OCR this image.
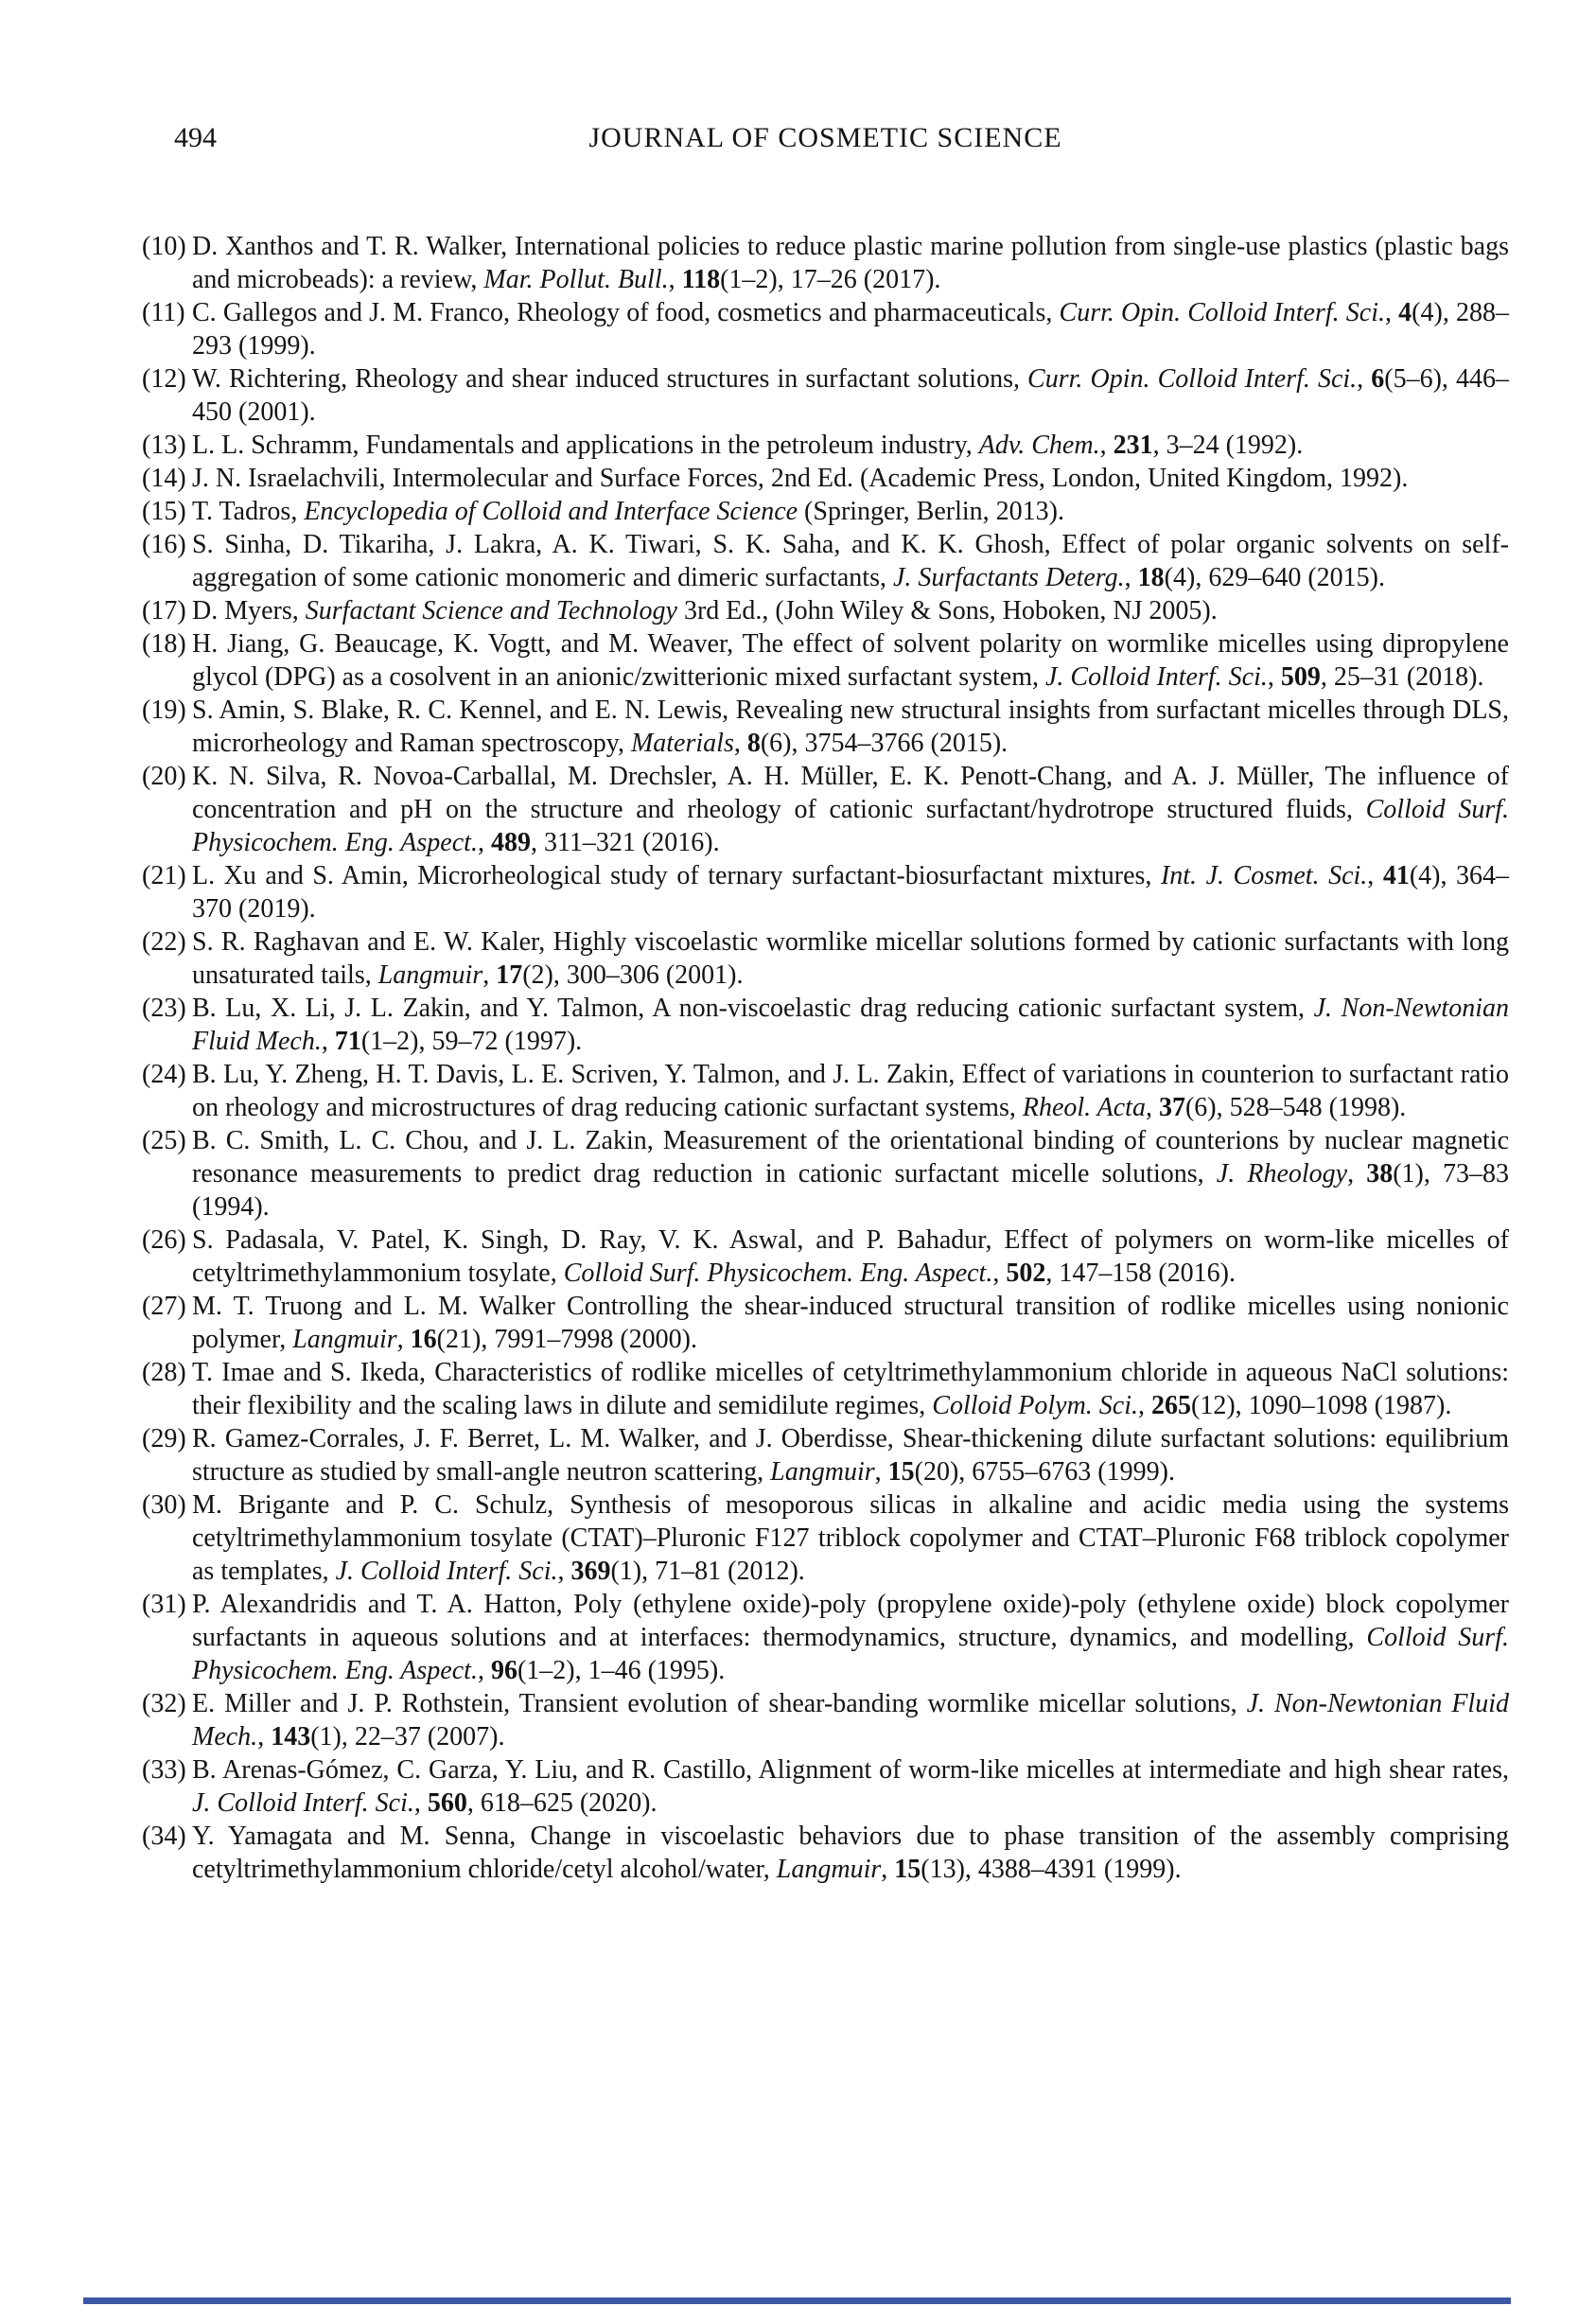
494	JOURNAL OF COSMETIC SCIENCE
(10) D. Xanthos and T. R. Walker, International policies to reduce plastic marine pollution from single-use plastics (plastic bags and microbeads): a review, Mar. Pollut. Bull., 118(1–2), 17–26 (2017).
(11) C. Gallegos and J. M. Franco, Rheology of food, cosmetics and pharmaceuticals, Curr. Opin. Colloid Interf. Sci., 4(4), 288–293 (1999).
(12) W. Richtering, Rheology and shear induced structures in surfactant solutions, Curr. Opin. Colloid Interf. Sci., 6(5–6), 446–450 (2001).
(13) L. L. Schramm, Fundamentals and applications in the petroleum industry, Adv. Chem., 231, 3–24 (1992).
(14) J. N. Israelachvili, Intermolecular and Surface Forces, 2nd Ed. (Academic Press, London, United Kingdom, 1992).
(15) T. Tadros, Encyclopedia of Colloid and Interface Science (Springer, Berlin, 2013).
(16) S. Sinha, D. Tikariha, J. Lakra, A. K. Tiwari, S. K. Saha, and K. K. Ghosh, Effect of polar organic solvents on self-aggregation of some cationic monomeric and dimeric surfactants, J. Surfactants Deterg., 18(4), 629–640 (2015).
(17) D. Myers, Surfactant Science and Technology 3rd Ed., (John Wiley & Sons, Hoboken, NJ 2005).
(18) H. Jiang, G. Beaucage, K. Vogtt, and M. Weaver, The effect of solvent polarity on wormlike micelles using dipropylene glycol (DPG) as a cosolvent in an anionic/zwitterionic mixed surfactant system, J. Colloid Interf. Sci., 509, 25–31 (2018).
(19) S. Amin, S. Blake, R. C. Kennel, and E. N. Lewis, Revealing new structural insights from surfactant micelles through DLS, microrheology and Raman spectroscopy, Materials, 8(6), 3754–3766 (2015).
(20) K. N. Silva, R. Novoa-Carballal, M. Drechsler, A. H. Müller, E. K. Penott-Chang, and A. J. Müller, The influence of concentration and pH on the structure and rheology of cationic surfactant/hydrotrope structured fluids, Colloid Surf. Physicochem. Eng. Aspect., 489, 311–321 (2016).
(21) L. Xu and S. Amin, Microrheological study of ternary surfactant-biosurfactant mixtures, Int. J. Cosmet. Sci., 41(4), 364–370 (2019).
(22) S. R. Raghavan and E. W. Kaler, Highly viscoelastic wormlike micellar solutions formed by cationic surfactants with long unsaturated tails, Langmuir, 17(2), 300–306 (2001).
(23) B. Lu, X. Li, J. L. Zakin, and Y. Talmon, A non-viscoelastic drag reducing cationic surfactant system, J. Non-Newtonian Fluid Mech., 71(1–2), 59–72 (1997).
(24) B. Lu, Y. Zheng, H. T. Davis, L. E. Scriven, Y. Talmon, and J. L. Zakin, Effect of variations in counterion to surfactant ratio on rheology and microstructures of drag reducing cationic surfactant systems, Rheol. Acta, 37(6), 528–548 (1998).
(25) B. C. Smith, L. C. Chou, and J. L. Zakin, Measurement of the orientational binding of counterions by nuclear magnetic resonance measurements to predict drag reduction in cationic surfactant micelle solutions, J. Rheology, 38(1), 73–83 (1994).
(26) S. Padasala, V. Patel, K. Singh, D. Ray, V. K. Aswal, and P. Bahadur, Effect of polymers on worm-like micelles of cetyltrimethylammonium tosylate, Colloid Surf. Physicochem. Eng. Aspect., 502, 147–158 (2016).
(27) M. T. Truong and L. M. Walker Controlling the shear-induced structural transition of rodlike micelles using nonionic polymer, Langmuir, 16(21), 7991–7998 (2000).
(28) T. Imae and S. Ikeda, Characteristics of rodlike micelles of cetyltrimethylammonium chloride in aqueous NaCl solutions: their flexibility and the scaling laws in dilute and semidilute regimes, Colloid Polym. Sci., 265(12), 1090–1098 (1987).
(29) R. Gamez-Corrales, J. F. Berret, L. M. Walker, and J. Oberdisse, Shear-thickening dilute surfactant solutions: equilibrium structure as studied by small-angle neutron scattering, Langmuir, 15(20), 6755–6763 (1999).
(30) M. Brigante and P. C. Schulz, Synthesis of mesoporous silicas in alkaline and acidic media using the systems cetyltrimethylammonium tosylate (CTAT)–Pluronic F127 triblock copolymer and CTAT–Pluronic F68 triblock copolymer as templates, J. Colloid Interf. Sci., 369(1), 71–81 (2012).
(31) P. Alexandridis and T. A. Hatton, Poly (ethylene oxide)-poly (propylene oxide)-poly (ethylene oxide) block copolymer surfactants in aqueous solutions and at interfaces: thermodynamics, structure, dynamics, and modelling, Colloid Surf. Physicochem. Eng. Aspect., 96(1–2), 1–46 (1995).
(32) E. Miller and J. P. Rothstein, Transient evolution of shear-banding wormlike micellar solutions, J. Non-Newtonian Fluid Mech., 143(1), 22–37 (2007).
(33) B. Arenas-Gómez, C. Garza, Y. Liu, and R. Castillo, Alignment of worm-like micelles at intermediate and high shear rates, J. Colloid Interf. Sci., 560, 618–625 (2020).
(34) Y. Yamagata and M. Senna, Change in viscoelastic behaviors due to phase transition of the assembly comprising cetyltrimethylammonium chloride/cetyl alcohol/water, Langmuir, 15(13), 4388–4391 (1999).
